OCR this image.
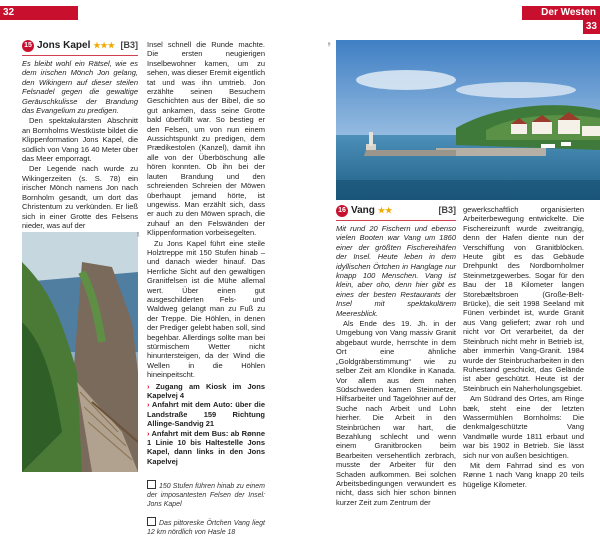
32Der Westen
15 Jons Kapel ★★★ [B3]

Es bleibt wohl ein Rätsel, wie es dem irischen Mönch Jon gelang, den Wikingern auf dieser steilen Felsnadel gegen die gewaltige Geräuschkulisse der Brandung das Evangelium zu predigen.

Den spektakulärsten Abschnitt an Bornholms Westküste bildet die Klippenformation Jons Kapel, die südlich von Vang 16 40 Meter über das Meer emporragt.

Der Legende nach wurde zu Wikingerzeiten (s. S. 78) ein irischer Mönch namens Jon nach Bornholm gesandt, um dort das Christentum zu verkünden. Er ließ sich in einer Grotte des Felsens nieder, was auf der

mf

Insel schnell die Runde machte. Die ersten neugierigen Inselbewohner kamen, um zu sehen, was dieser Eremit eigentlich tat und was ihn umtrieb. Jon erzählte seinen Besuchern Geschichten aus der Bibel, die so gut ankamen, dass seine Grotte bald überfüllt war. So bestieg er den Felsen, um von nun einem Aussichtspunkt zu predigen, dem Prædikestolen (Kanzel), damit ihn alle von der Überböschung alle hören konnten. Ob ihn bei der lauten Brandung und den schreienden Schreien der Möwen überhaupt jemand hörte, ist ungewiss. Man erzählt sich, dass er auch zu den Möwen sprach, die zuhauf an den Felswänden der Klippenformation vorbeisegelten.

Zu Jons Kapel führt eine steile Holztreppe mit 150 Stufen hinab – und danach wieder hinauf. Das Herrliche Sicht auf den gewaltigen Granitfelsen ist die Mühe allemal wert. Über einen gut ausgeschilderten Fels- und Waldweg gelangt man zu Fuß zu der Treppe. Die Höhlen, in denen der Prediger gelebt haben soll, sind begehbar. Allerdings sollte man bei stürmischem Wetter nicht hinuntersteigen, da der Wind die Wellen in die Höhlen hineinpeitscht.

› Zugang am Kiosk im Jons Kapelvej 4
› Anfahrt mit dem Auto: über die Landstraße 159 Richtung Allinge-Sandvig 21
› Anfahrt mit dem Bus: ab Rønne 1 Linie 10 bis Haltestelle Jons Kapel, dann links in den Jons Kapelvej
150 Stufen führen hinab zu einem der imposantesten Felsen der Insel: Jons Kapel
Das pittoreske Örtchen Vang liegt 12 km nördlich von Hasle 18
Der Westen33
db
16 Vang ★★	[B3]

Mit rund 20 Fischern und ebenso vielen Booten war Vang um 1860 einer der größten Fischereihäfen der Insel. Heute leben in dem idyllischen Örtchen in Hanglage nur knapp 100 Menschen. Vang ist klein, aber oho, denn hier gibt es eines der besten Restaurants der Insel mit spektakulärem Meeresblick.

Als Ende des 19. Jh. in der Umgebung von Vang massiv Granit abgebaut wurde, herrschte in dem Ort eine ähnliche „Goldgräberstimmung“ wie zu selber Zeit am Klondike in Kanada. Vor allem aus dem nahen Südschweden kamen Steinmetze, Hilfsarbeiter und Tagelöhner auf der Suche nach Arbeit und Lohn hierher. Die Arbeit in den Steinbrüchen war hart, die Bezahlung schlecht und wenn einem Granitbrocken beim Bearbeiten versehentlich zerbrach, musste der Arbeiter für den Schaden aufkommen. Bei solchen Arbeitsbedingungen verwundert es nicht, dass sich hier schon binnen kurzer Zeit zum Zentrum der

gewerkschaftlich organisierten Arbeiterbewegung entwickelte. Die Fischereizunft wurde zweitrangig, denn der Hafen diente nun der Verschiffung von Granitblöcken. Heute gibt es das Gebäude Drehpunkt des Nordbornholmer Steinmetzgewerbes. Sogar für den Bau der 18 Kilometer langen Storebæltsbroen (Große-Belt-Brücke), die seit 1998 Seeland mit Fünen verbindet ist, wurde Granit aus Vang geliefert; zwar roh und nicht vor Ort verarbeitet, da der Steinbruch nicht mehr in Betrieb ist, aber immerhin Vang-Granit. 1984 wurde der Steinbrucharbeiten in den Ruhestand geschickt, das Gelände ist aber geschützt. Heute ist der Steinbruch ein Naherholungsgebiet.

Am Südrand des Ortes, am Ringe bæk, steht eine der letzten Wassermühlen Bornholms: Die denkmalgeschützte Vang Vandmølle wurde 1811 erbaut und war bis 1902 in Betrieb. Sie lässt sich nur von außen besichtigen.

Mit dem Fahrrad sind es von Rønne 1 nach Vang knapp 20 teils hügelige Kilometer.
